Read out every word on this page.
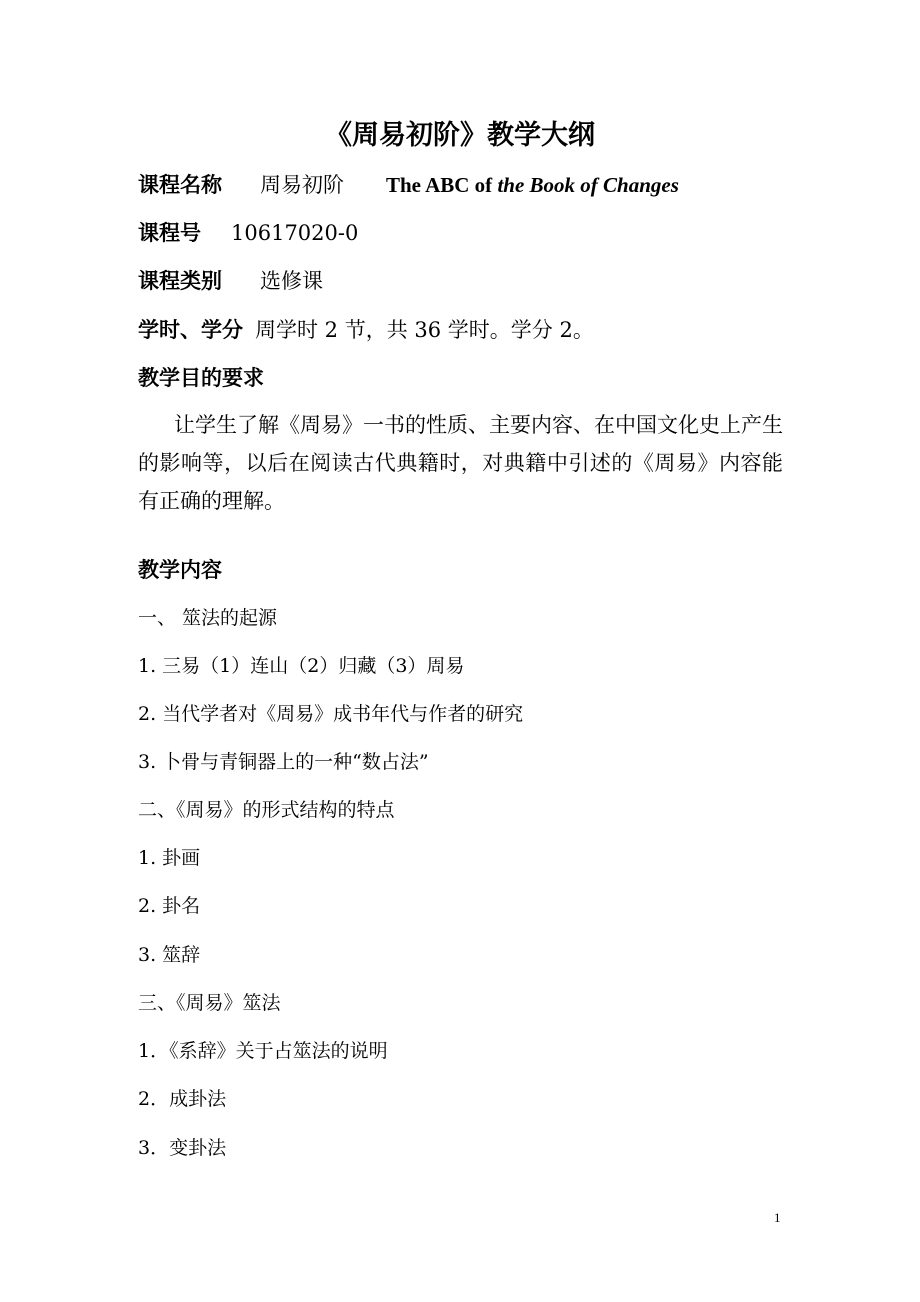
《周易初阶》教学大纲
课程名称 周易初阶 The ABC of the Book of Changes
课程号 10617020-0
课程类别 选修课
学时、学分 周学时 2 节，共 36 学时。学分 2。
教学目的要求
让学生了解《周易》一书的性质、主要内容、在中国文化史上产生的影响等，以后在阅读古代典籍时，对典籍中引述的《周易》内容能有正确的理解。
教学内容
一、 筮法的起源
1. 三易（1）连山（2）归藏（3）周易
2. 当代学者对《周易》成书年代与作者的研究
3. 卜骨与青铜器上的一种“数占法”
二、《周易》的形式结构的特点
1. 卦画
2. 卦名
3. 筮辞
三、《周易》筮法
1．《系辞》关于占筮法的说明
2．成卦法
3．变卦法
1
